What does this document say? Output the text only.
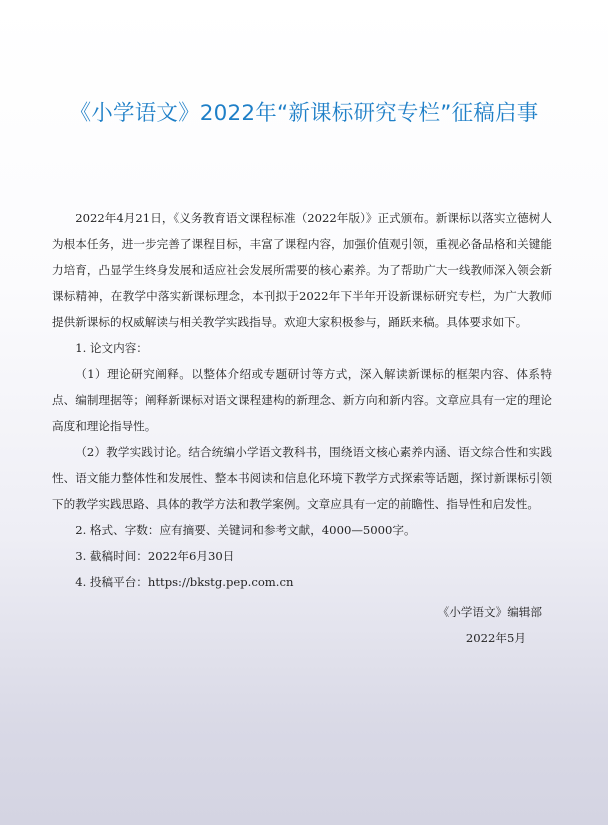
《小学语文》2022年“新课标研究专栏”征稿启事

2022年4月21日，《义务教育语文课程标准（2022年版）》正式颁布。新课标以落实立德树人为根本任务，进一步完善了课程目标，丰富了课程内容，加强价值观引领，重视必备品格和关键能力培育，凸显学生终身发展和适应社会发展所需要的核心素养。为了帮助广大一线教师深入领会新课标精神，在教学中落实新课标理念，本刊拟于2022年下半年开设新课标研究专栏，为广大教师提供新课标的权威解读与相关教学实践指导。欢迎大家积极参与，踊跃来稿。具体要求如下。

1. 论文内容：

（1）理论研究阐释。以整体介绍或专题研讨等方式，深入解读新课标的框架内容、体系特点、编制理据等；阐释新课标对语文课程建构的新理念、新方向和新内容。文章应具有一定的理论高度和理论指导性。

（2）教学实践讨论。结合统编小学语文教科书，围绕语文核心素养内涵、语文综合性和实践性、语文能力整体性和发展性、整本书阅读和信息化环境下教学方式探索等话题，探讨新课标引领下的教学实践思路、具体的教学方法和教学案例。文章应具有一定的前瞻性、指导性和启发性。

2. 格式、字数：应有摘要、关键词和参考文献，4000—5000字。

3. 截稿时间：2022年6月30日

4. 投稿平台：https://bkstg.pep.com.cn

《小学语文》编辑部

2022年5月
